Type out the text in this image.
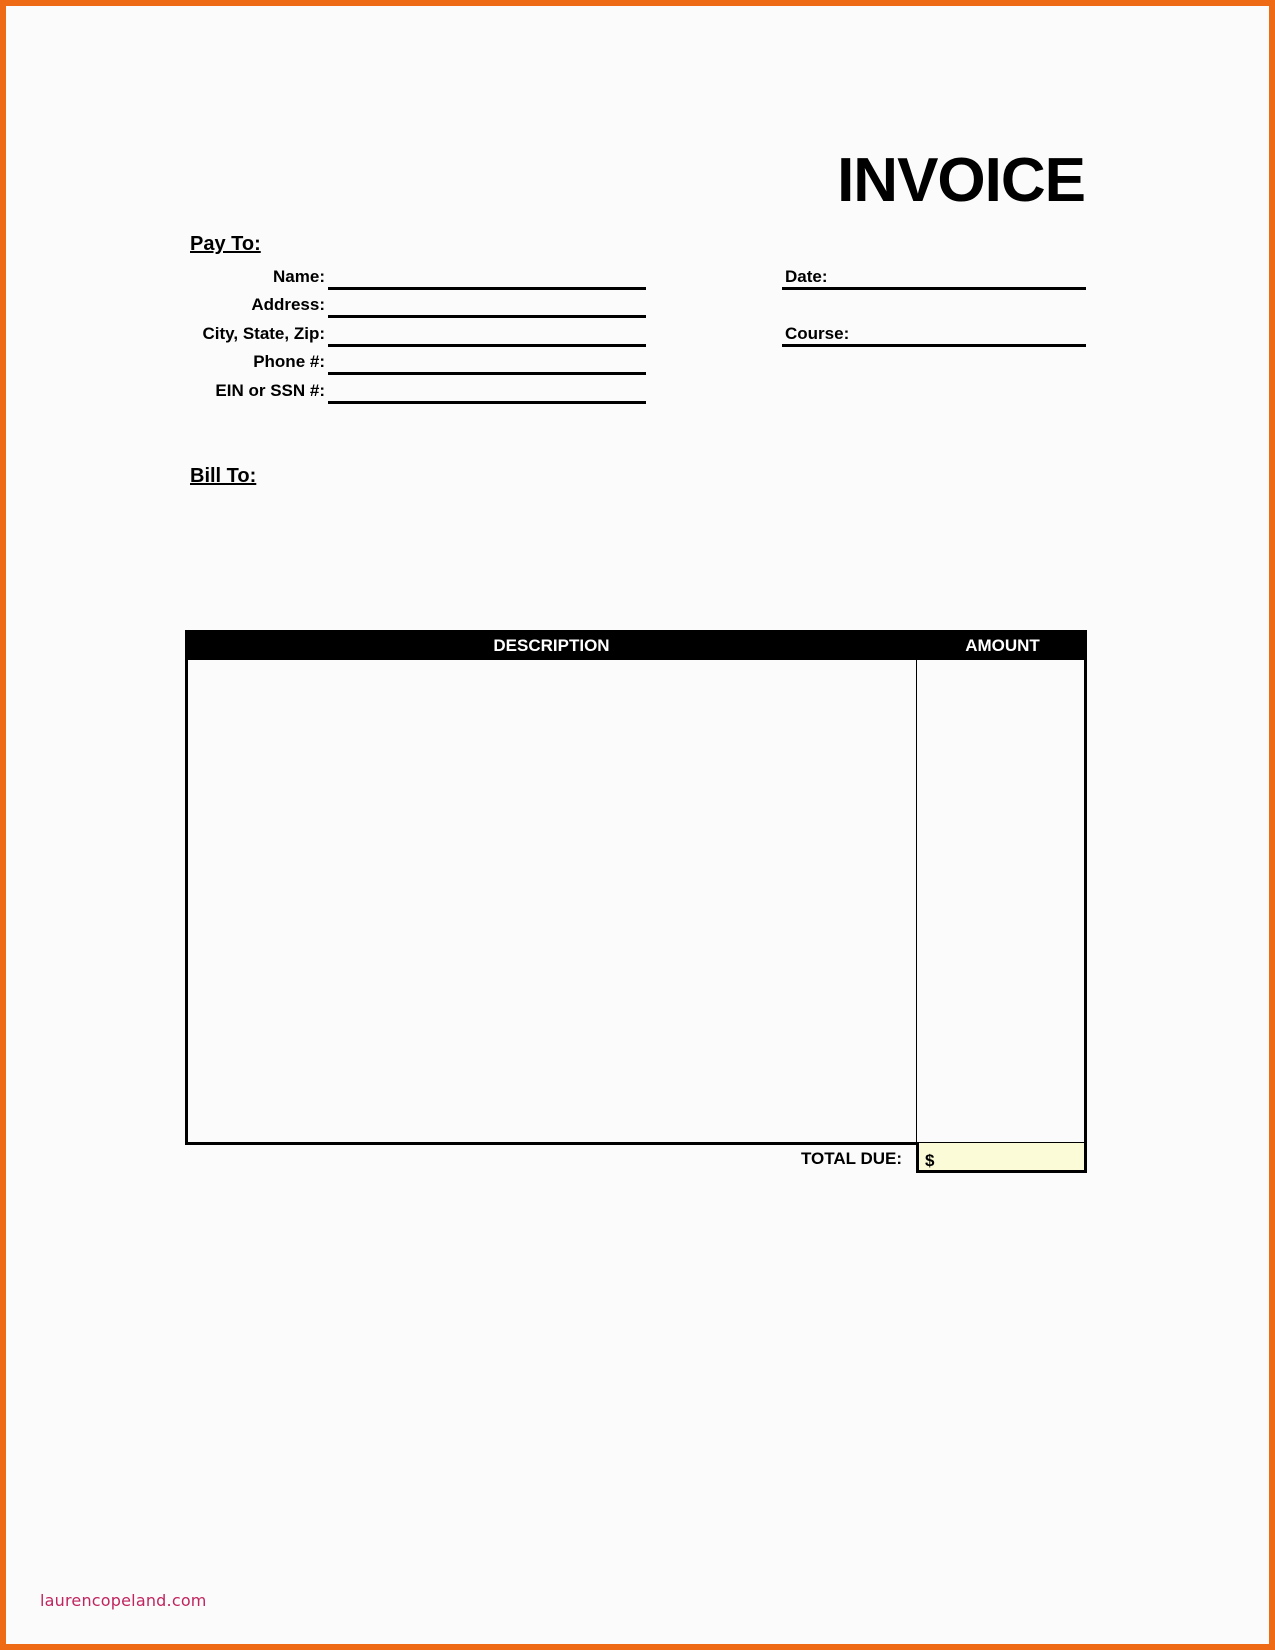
INVOICE
Pay To:
Name:
Address:
City, State, Zip:
Phone #:
EIN or SSN #:
Date:
Course:
Bill To:
DESCRIPTION	AMOUNT
TOTAL DUE: $
laurencopeland.com
